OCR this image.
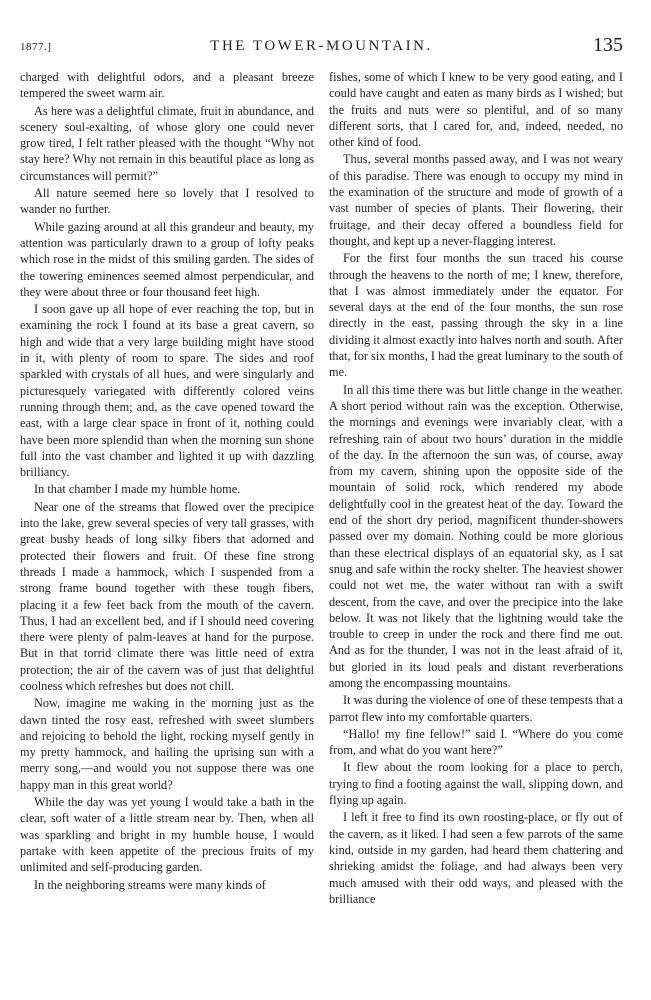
1877.]	THE TOWER-MOUNTAIN.	135

charged with delightful odors, and a pleasant breeze tempered the sweet warm air.

As here was a delightful climate, fruit in abundance, and scenery soul-exalting, of whose glory one could never grow tired, I felt rather pleased with the thought “Why not stay here? Why not remain in this beautiful place as long as circumstances will permit?”

All nature seemed here so lovely that I resolved to wander no further.

While gazing around at all this grandeur and beauty, my attention was particularly drawn to a group of lofty peaks which rose in the midst of this smiling garden. The sides of the towering eminences seemed almost perpendicular, and they were about three or four thousand feet high.

I soon gave up all hope of ever reaching the top, but in examining the rock I found at its base a great cavern, so high and wide that a very large building might have stood in it, with plenty of room to spare. The sides and roof sparkled with crystals of all hues, and were singularly and picturesquely variegated with differently colored veins running through them; and, as the cave opened toward the east, with a large clear space in front of it, nothing could have been more splendid than when the morning sun shone full into the vast chamber and lighted it up with dazzling brilliancy.

In that chamber I made my humble home.

Near one of the streams that flowed over the precipice into the lake, grew several species of very tall grasses, with great bushy heads of long silky fibers that adorned and protected their flowers and fruit. Of these fine strong threads I made a hammock, which I suspended from a strong frame bound together with these tough fibers, placing it a few feet back from the mouth of the cavern. Thus, I had an excellent bed, and if I should need covering there were plenty of palm-leaves at hand for the purpose. But in that torrid climate there was little need of extra protection; the air of the cavern was of just that delightful coolness which refreshes but does not chill.

Now, imagine me waking in the morning just as the dawn tinted the rosy east, refreshed with sweet slumbers and rejoicing to behold the light, rocking myself gently in my pretty hammock, and hailing the uprising sun with a merry song,—and would you not suppose there was one happy man in this great world?

While the day was yet young I would take a bath in the clear, soft water of a little stream near by. Then, when all was sparkling and bright in my humble house, I would partake with keen appetite of the precious fruits of my unlimited and self-producing garden.

In the neighboring streams were many kinds of

fishes, some of which I knew to be very good eating, and I could have caught and eaten as many birds as I wished; but the fruits and nuts were so plentiful, and of so many different sorts, that I cared for, and, indeed, needed, no other kind of food.

Thus, several months passed away, and I was not weary of this paradise. There was enough to occupy my mind in the examination of the structure and mode of growth of a vast number of species of plants. Their flowering, their fruitage, and their decay offered a boundless field for thought, and kept up a never-flagging interest.

For the first four months the sun traced his course through the heavens to the north of me; I knew, therefore, that I was almost immediately under the equator. For several days at the end of the four months, the sun rose directly in the east, passing through the sky in a line dividing it almost exactly into halves north and south. After that, for six months, I had the great luminary to the south of me.

In all this time there was but little change in the weather. A short period without rain was the exception. Otherwise, the mornings and evenings were invariably clear, with a refreshing rain of about two hours’ duration in the middle of the day. In the afternoon the sun was, of course, away from my cavern, shining upon the opposite side of the mountain of solid rock, which rendered my abode delightfully cool in the greatest heat of the day. Toward the end of the short dry period, magnificent thunder-showers passed over my domain. Nothing could be more glorious than these electrical displays of an equatorial sky, as I sat snug and safe within the rocky shelter. The heaviest shower could not wet me, the water without ran with a swift descent, from the cave, and over the precipice into the lake below. It was not likely that the lightning would take the trouble to creep in under the rock and there find me out. And as for the thunder, I was not in the least afraid of it, but gloried in its loud peals and distant reverberations among the encompassing mountains.

It was during the violence of one of these tempests that a parrot flew into my comfortable quarters.

“Hallo! my fine fellow!” said I. “Where do you come from, and what do you want here?”

It flew about the room looking for a place to perch, trying to find a footing against the wall, slipping down, and flying up again.

I left it free to find its own roosting-place, or fly out of the cavern, as it liked. I had seen a few parrots of the same kind, outside in my garden, had heard them chattering and shrieking amidst the foliage, and had always been very much amused with their odd ways, and pleased with the brilliance
